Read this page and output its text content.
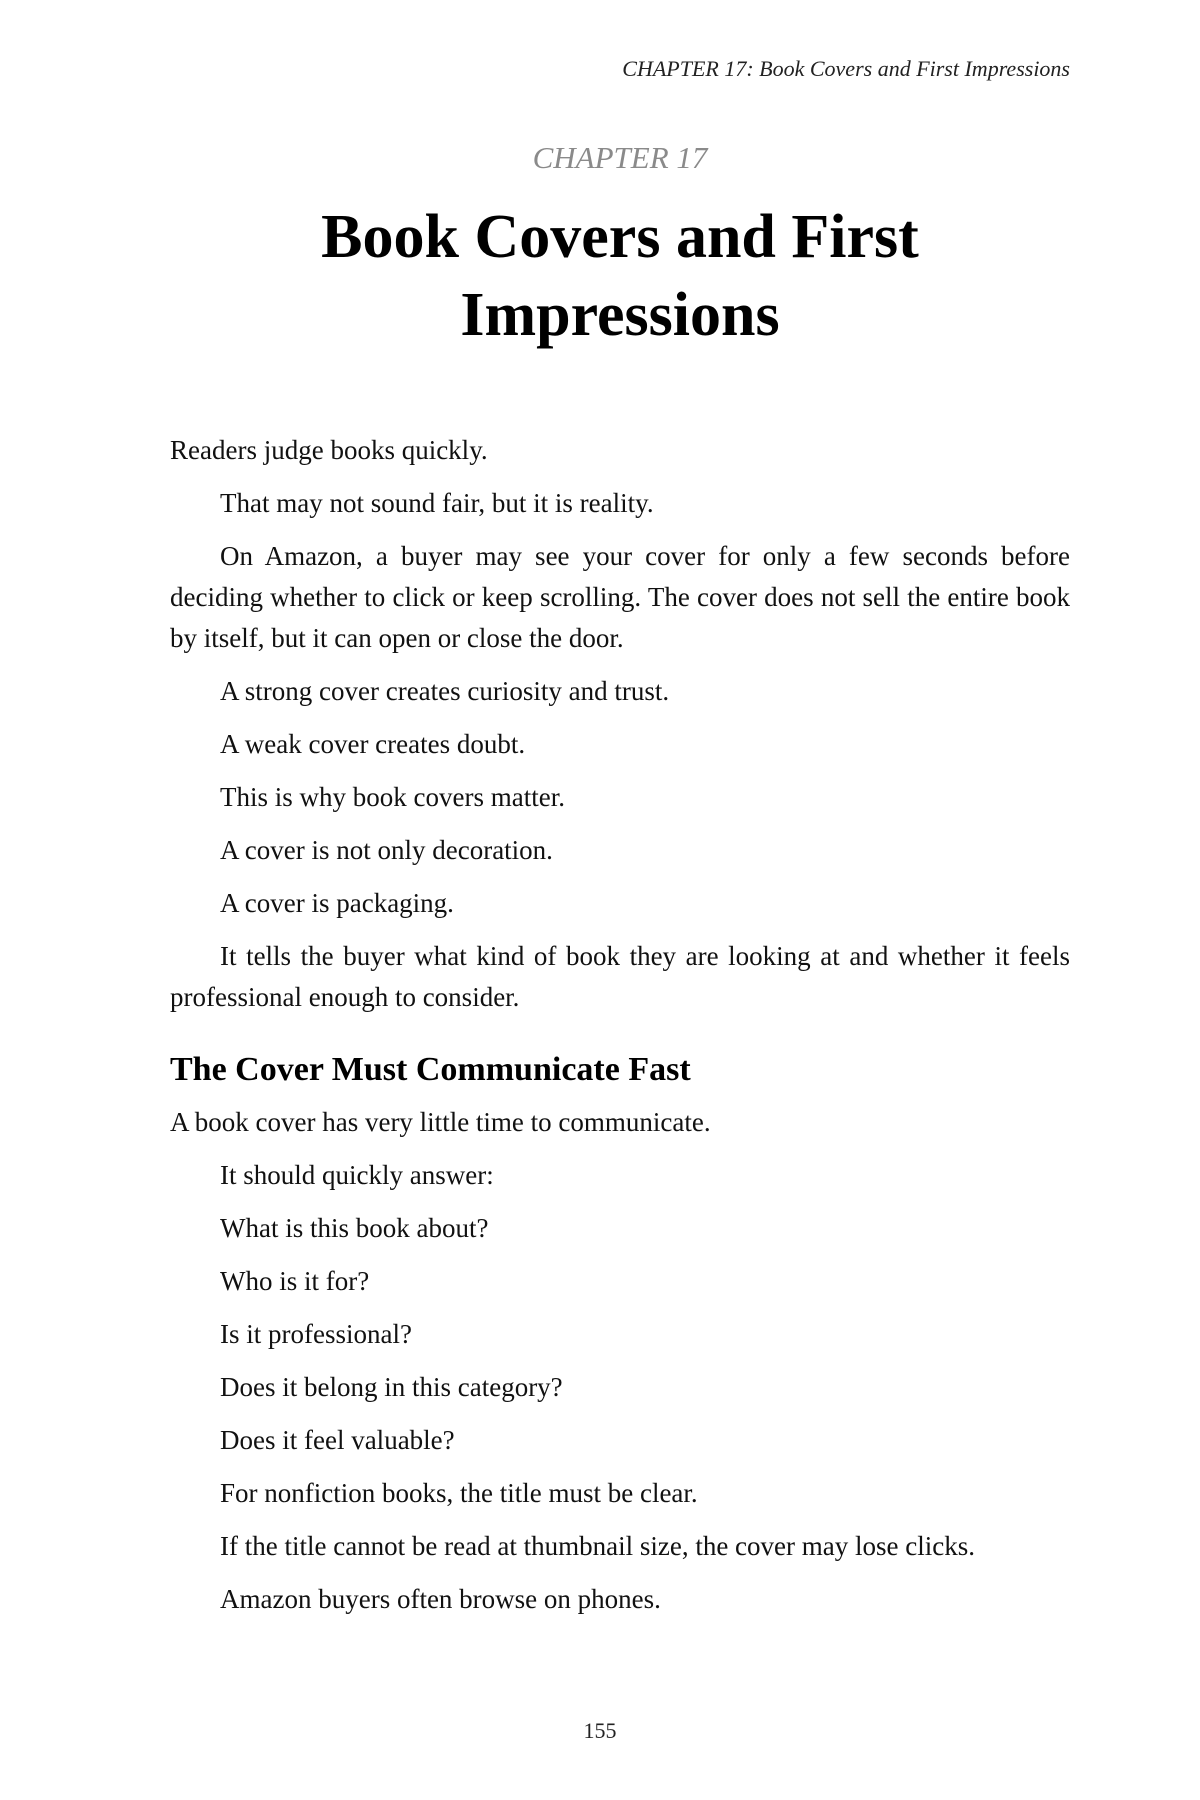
CHAPTER 17: Book Covers and First Impressions
CHAPTER 17
Book Covers and First
Impressions

Readers judge books quickly.

That may not sound fair, but it is reality.

On Amazon, a buyer may see your cover for only a few seconds before deciding whether to click or keep scrolling. The cover does not sell the entire book by itself, but it can open or close the door.

A strong cover creates curiosity and trust.

A weak cover creates doubt.

This is why book covers matter.

A cover is not only decoration.

A cover is packaging.

It tells the buyer what kind of book they are looking at and whether it feels professional enough to consider.

The Cover Must Communicate Fast

A book cover has very little time to communicate.

It should quickly answer:

What is this book about?

Who is it for?

Is it professional?

Does it belong in this category?

Does it feel valuable?

For nonfiction books, the title must be clear.

If the title cannot be read at thumbnail size, the cover may lose clicks.

Amazon buyers often browse on phones.

155
